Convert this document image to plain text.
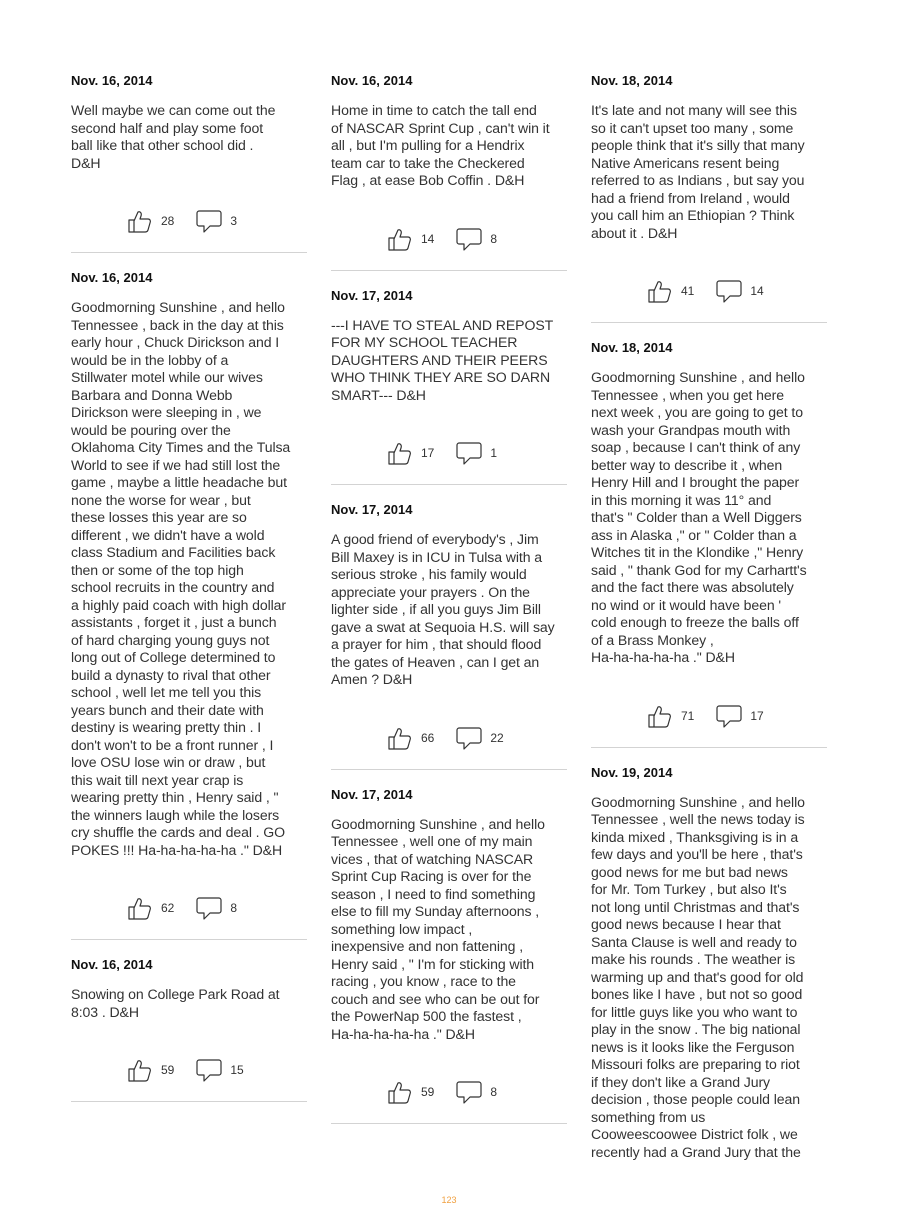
Nov. 16, 2014
Well maybe we can come out the
second half and play some foot
ball like that other school did .
D&H
28	3
Nov. 16, 2014
Goodmorning Sunshine , and hello
Tennessee , back in the day at this
early hour , Chuck Dirickson and I
would be in the lobby of a
Stillwater motel while our wives
Barbara and Donna Webb
Dirickson were sleeping in , we
would be pouring over the
Oklahoma City Times and the Tulsa
World to see if we had still lost the
game , maybe a little headache but
none the worse for wear , but
these losses this year are so
different , we didn't have a wold
class Stadium and Facilities back
then or some of the top high
school recruits in the country and
a highly paid coach with high dollar
assistants , forget it , just a bunch
of hard charging young guys not
long out of College determined to
build a dynasty to rival that other
school , well let me tell you this
years bunch and their date with
destiny is wearing pretty thin . I
don't won't to be a front runner , I
love OSU lose win or draw , but
this wait till next year crap is
wearing pretty thin , Henry said , "
the winners laugh while the losers
cry shuffle the cards and deal . GO
POKES !!! Ha-ha-ha-ha-ha ." D&H
62	8
Nov. 16, 2014
Snowing on College Park Road at
8:03 . D&H
59	15
Nov. 16, 2014
Home in time to catch the tall end
of NASCAR Sprint Cup , can't win it
all , but I'm pulling for a Hendrix
team car to take the Checkered
Flag , at ease Bob Coffin . D&H
14	8
Nov. 17, 2014
---I HAVE TO STEAL AND REPOST
FOR MY SCHOOL TEACHER
DAUGHTERS AND THEIR PEERS
WHO THINK THEY ARE SO DARN
SMART--- D&H
17	1
Nov. 17, 2014
A good friend of everybody's , Jim
Bill Maxey is in ICU in Tulsa with a
serious stroke , his family would
appreciate your prayers . On the
lighter side , if all you guys Jim Bill
gave a swat at Sequoia H.S. will say
a prayer for him , that should flood
the gates of Heaven , can I get an
Amen ? D&H
66	22
Nov. 17, 2014
Goodmorning Sunshine , and hello
Tennessee , well one of my main
vices , that of watching NASCAR
Sprint Cup Racing is over for the
season , I need to find something
else to fill my Sunday afternoons ,
something low impact ,
inexpensive and non fattening ,
Henry said , " I'm for sticking with
racing , you know , race to the
couch and see who can be out for
the PowerNap 500 the fastest ,
Ha-ha-ha-ha-ha ." D&H
59	8
Nov. 18, 2014
It's late and not many will see this
so it can't upset too many , some
people think that it's silly that many
Native Americans resent being
referred to as Indians , but say you
had a friend from Ireland , would
you call him an Ethiopian ? Think
about it . D&H
41	14
Nov. 18, 2014
Goodmorning Sunshine , and hello
Tennessee , when you get here
next week , you are going to get to
wash your Grandpas mouth with
soap , because I can't think of any
better way to describe it , when
Henry Hill and I brought the paper
in this morning it was 11° and
that's " Colder than a Well Diggers
ass in Alaska ," or " Colder than a
Witches tit in the Klondike ," Henry
said , " thank God for my Carhartt's
and the fact there was absolutely
no wind or it would have been '
cold enough to freeze the balls off
of a Brass Monkey ,
Ha-ha-ha-ha-ha ." D&H
71	17
Nov. 19, 2014
Goodmorning Sunshine , and hello
Tennessee , well the news today is
kinda mixed , Thanksgiving is in a
few days and you'll be here , that's
good news for me but bad news
for Mr. Tom Turkey , but also It's
not long until Christmas and that's
good news because I hear that
Santa Clause is well and ready to
make his rounds . The weather is
warming up and that's good for old
bones like I have , but not so good
for little guys like you who want to
play in the snow . The big national
news is it looks like the Ferguson
Missouri folks are preparing to riot
if they don't like a Grand Jury
decision , those people could lean
something from us
Cooweescoowee District folk , we
recently had a Grand Jury that the
123
